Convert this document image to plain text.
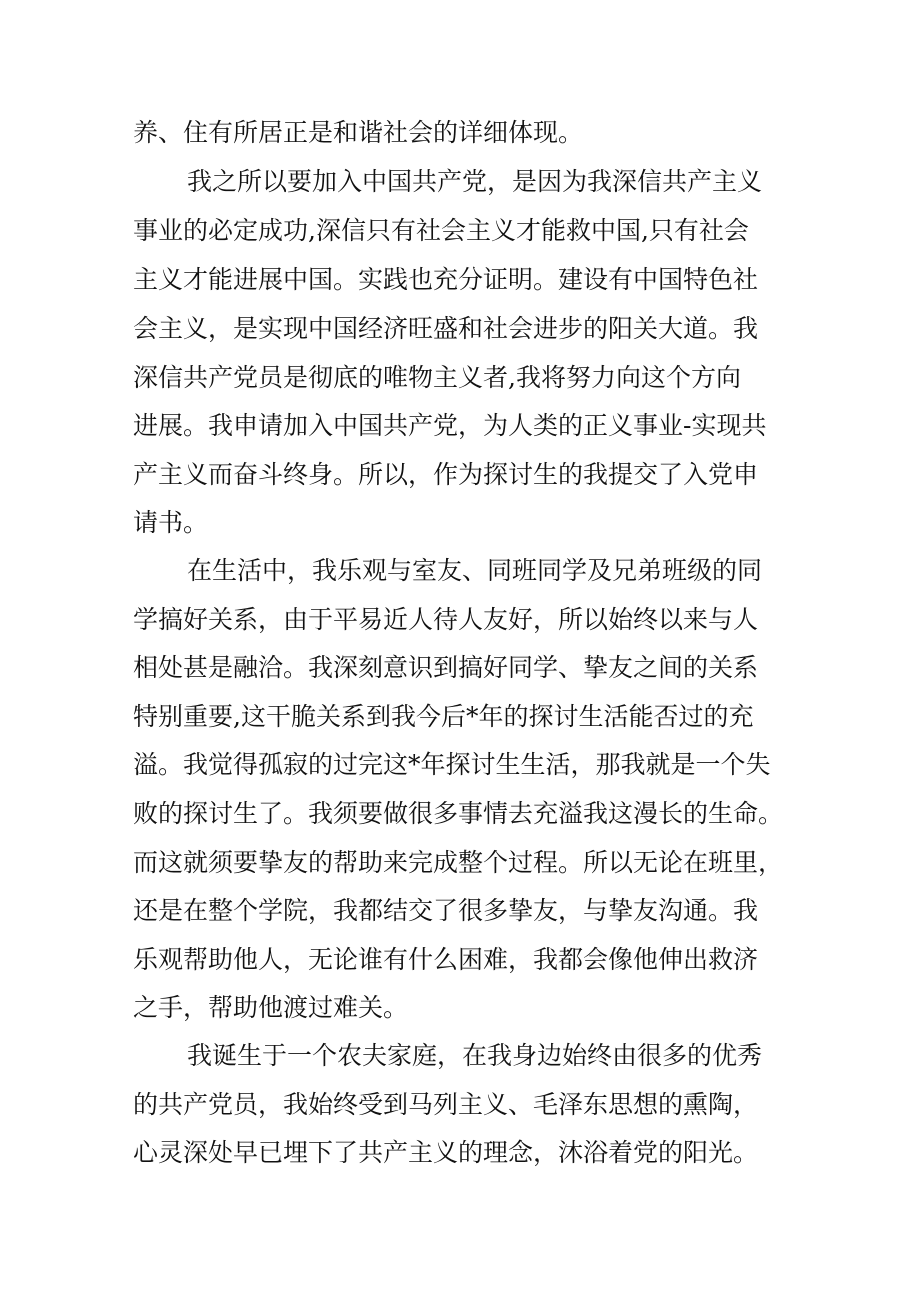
养、住有所居正是和谐社会的详细体现。

我之所以要加入中国共产党，是因为我深信共产主义

事业的必定成功,深信只有社会主义才能救中国,只有社会

主义才能进展中国。实践也充分证明。建设有中国特色社

会主义，是实现中国经济旺盛和社会进步的阳关大道。我

深信共产党员是彻底的唯物主义者,我将努力向这个方向

进展。我申请加入中国共产党，为人类的正义事业-实现共

产主义而奋斗终身。所以，作为探讨生的我提交了入党申

请书。

在生活中，我乐观与室友、同班同学及兄弟班级的同

学搞好关系，由于平易近人待人友好，所以始终以来与人

相处甚是融洽。我深刻意识到搞好同学、挚友之间的关系

特别重要,这干脆关系到我今后*年的探讨生活能否过的充

溢。我觉得孤寂的过完这*年探讨生生活，那我就是一个失

败的探讨生了。我须要做很多事情去充溢我这漫长的生命。

而这就须要挚友的帮助来完成整个过程。所以无论在班里，

还是在整个学院，我都结交了很多挚友，与挚友沟通。我

乐观帮助他人，无论谁有什么困难，我都会像他伸出救济

之手，帮助他渡过难关。

我诞生于一个农夫家庭，在我身边始终由很多的优秀

的共产党员，我始终受到马列主义、毛泽东思想的熏陶，

心灵深处早已埋下了共产主义的理念，沐浴着党的阳光。
